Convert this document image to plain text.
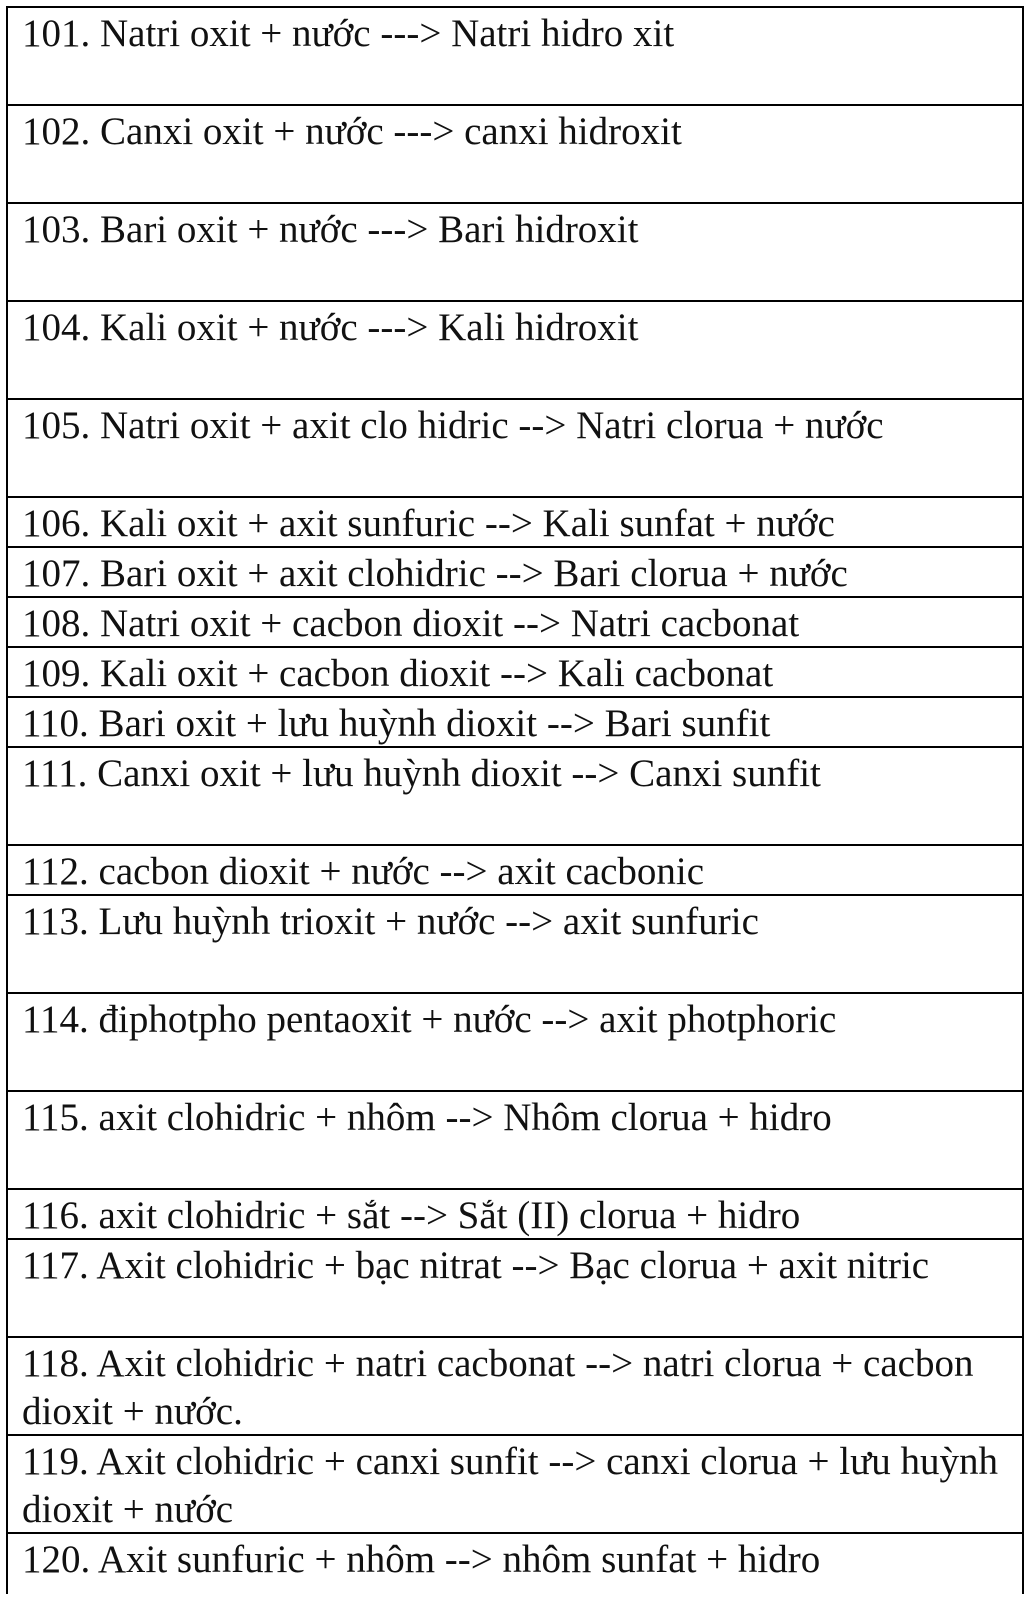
101. Natri oxit + nước ---> Natri hidro xit
102. Canxi oxit + nước ---> canxi hidroxit
103. Bari oxit + nước ---> Bari hidroxit
104. Kali oxit + nước ---> Kali hidroxit
105. Natri oxit + axit clo hidric --> Natri clorua + nước
106. Kali oxit + axit sunfuric --> Kali sunfat + nước
107. Bari oxit + axit clohidric --> Bari clorua + nước
108. Natri oxit + cacbon dioxit --> Natri cacbonat
109. Kali oxit + cacbon dioxit --> Kali cacbonat
110. Bari oxit + lưu huỳnh dioxit --> Bari sunfit
111. Canxi oxit + lưu huỳnh dioxit --> Canxi sunfit
112. cacbon dioxit + nước --> axit cacbonic
113. Lưu huỳnh trioxit + nước --> axit sunfuric
114. điphotpho pentaoxit + nước --> axit photphoric
115. axit clohidric + nhôm --> Nhôm clorua + hidro
116. axit clohidric + sắt --> Sắt (II) clorua + hidro
117. Axit clohidric + bạc nitrat --> Bạc clorua + axit nitric
118. Axit clohidric + natri cacbonat --> natri clorua + cacbon dioxit + nước.
119. Axit clohidric + canxi sunfit --> canxi clorua + lưu huỳnh dioxit + nước
120. Axit sunfuric + nhôm --> nhôm sunfat + hidro
